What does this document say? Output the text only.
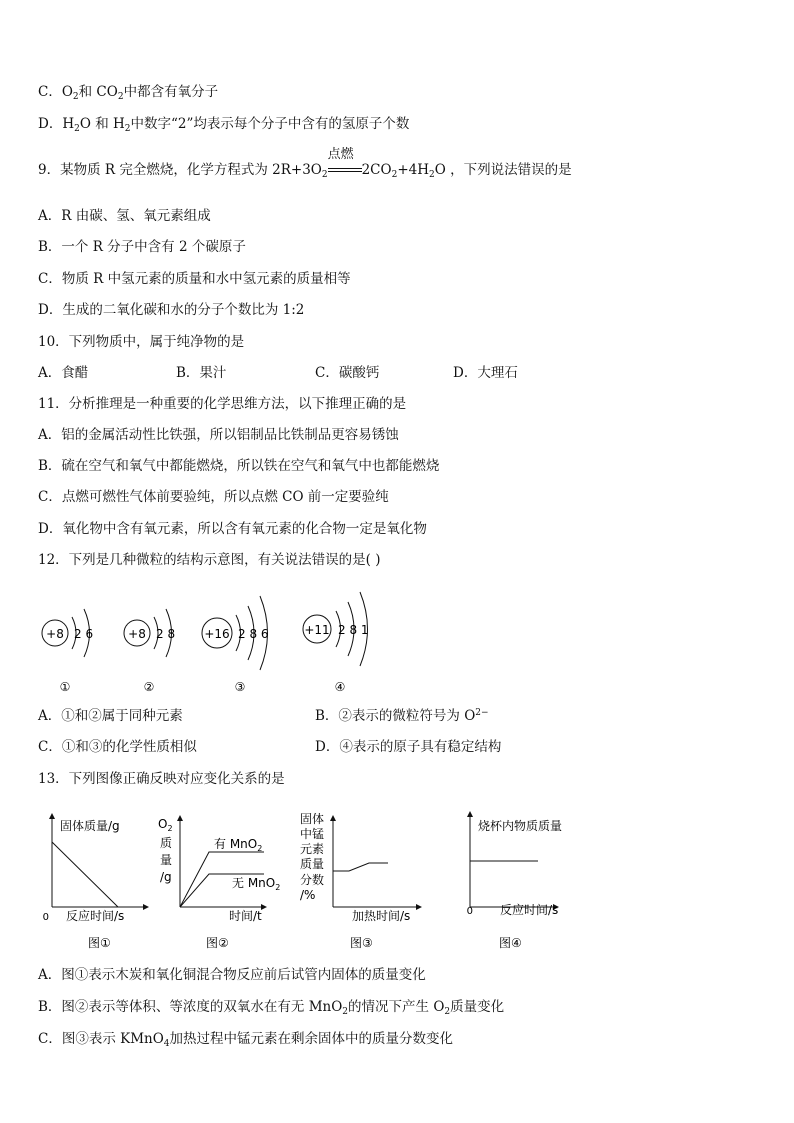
C．$O_2$和 $CO_2$中都含有氧分子
D．$H_2O$ 和 $H_2$中数字“2”均表示每个分子中含有的氢原子个数
9．某物质 R 完全燃烧，化学方程式为 $2R+3O_2$
点燃
$2CO_2+4H_2O$ ，下列说法错误的是
A．R 由碳、氢、氧元素组成
B．一个 R 分子中含有 2 个碳原子
C．物质 R 中氢元素的质量和水中氢元素的质量相等
D．生成的二氧化碳和水的分子个数比为 1:2
10．下列物质中，属于纯净物的是
A．食醋	B．果汁	C．碳酸钙	D．大理石
11．分析推理是一种重要的化学思维方法，以下推理正确的是
A．铝的金属活动性比铁强，所以铝制品比铁制品更容易锈蚀
B．硫在空气和氧气中都能燃烧，所以铁在空气和氧气中也都能燃烧
C．点燃可燃性气体前要验纯，所以点燃 CO 前一定要验纯
D．氧化物中含有氧元素，所以含有氧元素的化合物一定是氧化物
12．下列是几种微粒的结构示意图，有关说法错误的是( )
+8 2 6
①
+8 2 8
②
+16 2 8 6
③
+11 2 8 1
④
A．①和②属于同种元素	B．②表示的微粒符号为 $O^{2-}$
C．①和③的化学性质相似	D．④表示的原子具有稳定结构
13．下列图像正确反映对应变化关系的是
固体质量/g
0 反应时间/s
图①
$O_2$
质
量
/g
有 MnO$_2$
无 MnO$_2$
时间/t
图②
固体
中锰
元素
质量
分数
/%
加热时间/s
图③
烧杯内物质质量
0 反应时间/s
图④
A．图①表示木炭和氧化铜混合物反应前后试管内固体的质量变化
B．图②表示等体积、等浓度的双氧水在有无 MnO$_2$的情况下产生 $O_2$质量变化
C．图③表示 KMnO$_4$加热过程中锰元素在剩余固体中的质量分数变化
